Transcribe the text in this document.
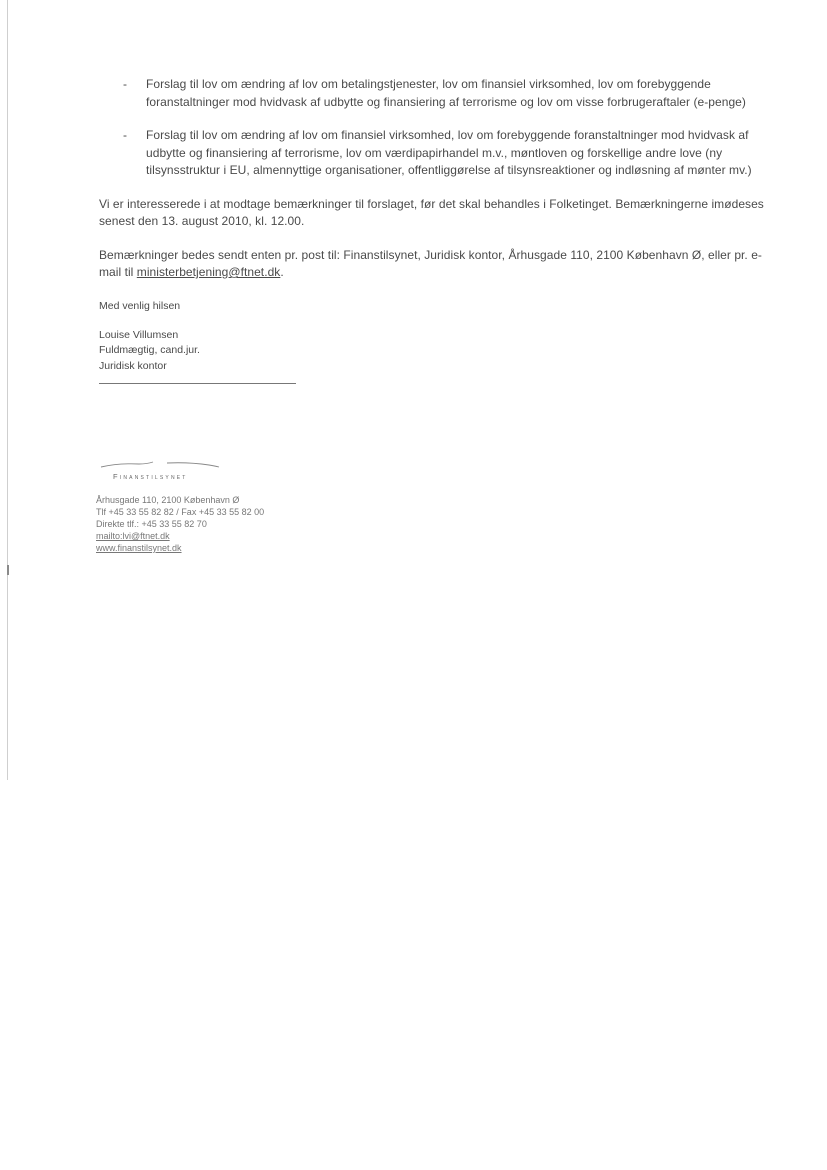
-	Forslag til lov om ændring af lov om betalingstjenester, lov om finansiel virksomhed, lov om forebyggende foranstaltninger mod hvidvask af udbytte og finansiering af terrorisme og lov om visse forbrugeraftaler (e-penge)
-	Forslag til lov om ændring af lov om finansiel virksomhed, lov om forebyggende foranstaltninger mod hvidvask af udbytte og finansiering af terrorisme, lov om værdipapirhandel m.v., møntloven og forskellige andre love (ny tilsynsstruktur i EU, almennyttige organisationer, offentliggørelse af tilsynsreaktioner og indløsning af mønter mv.)

Vi er interesserede i at modtage bemærkninger til forslaget, før det skal behandles i Folketinget. Bemærkningerne imødeses senest den 13. august 2010, kl. 12.00.

Bemærkninger bedes sendt enten pr. post til: Finanstilsynet, Juridisk kontor, Århusgade 110, 2100 København Ø, eller pr. e-mail til ministerbetjening@ftnet.dk.

Med venlig hilsen

Louise Villumsen
Fuldmægtig, cand.jur.
Juridisk kontor
Finanstilsynet
Århusgade 110, 2100 København Ø
Tlf +45 33 55 82 82 / Fax +45 33 55 82 00
Direkte tlf.: +45 33 55 82 70
mailto:lvi@ftnet.dk
www.finanstilsynet.dk
